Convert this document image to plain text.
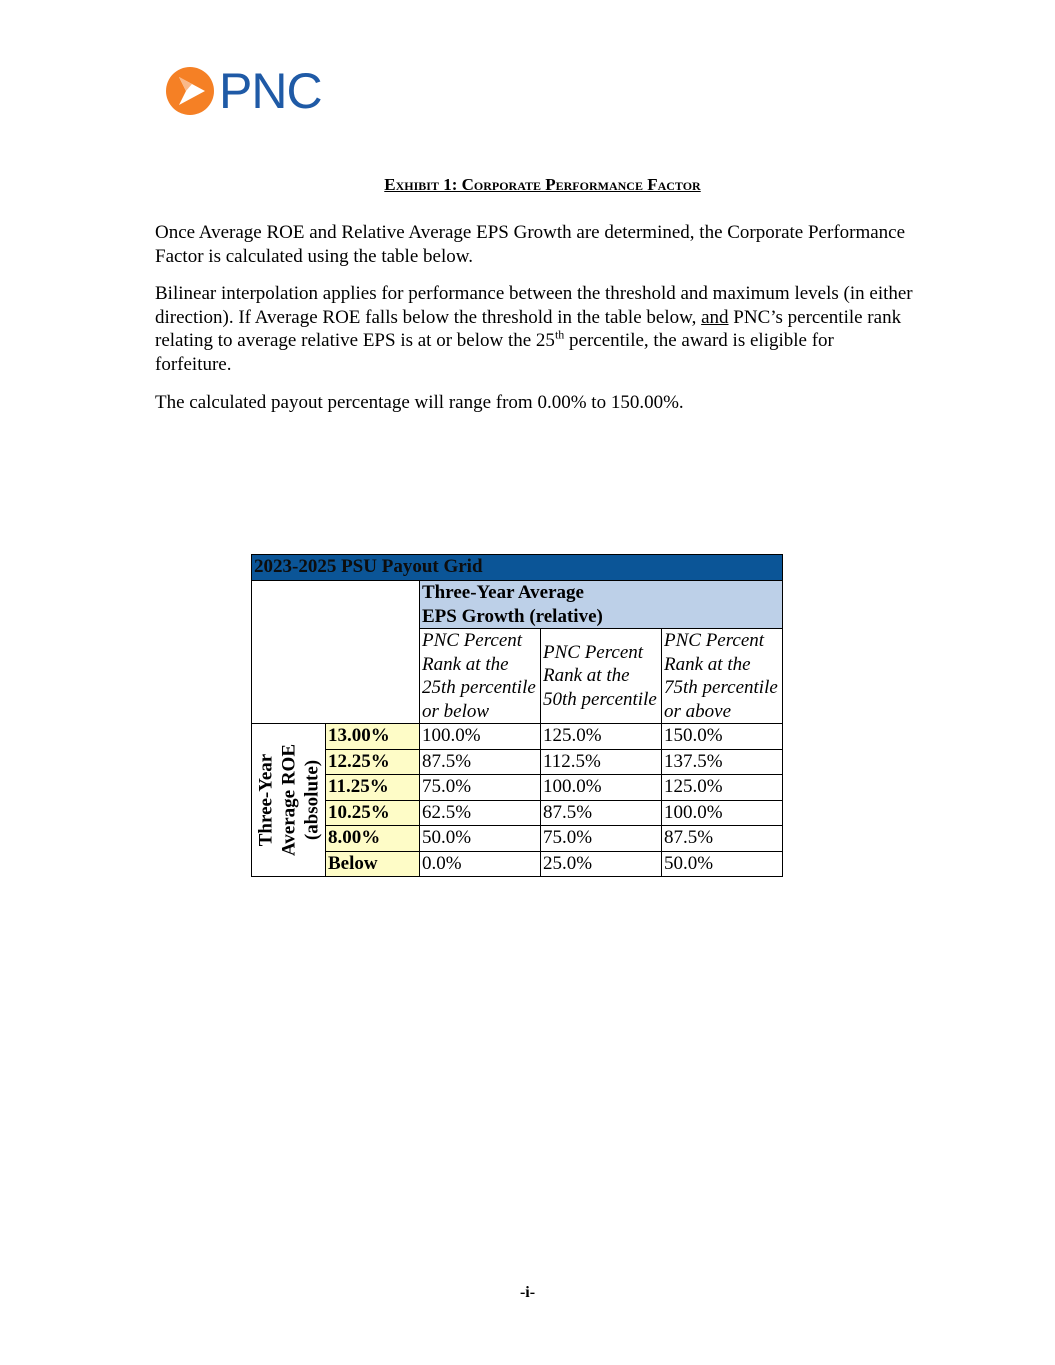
PNC
Exhibit 1: Corporate Performance Factor

Once Average ROE and Relative Average EPS Growth are determined, the Corporate Performance Factor is calculated using the table below.

Bilinear interpolation applies for performance between the threshold and maximum levels (in either direction). If Average ROE falls below the threshold in the table below, and PNC’s percentile rank relating to average relative EPS is at or below the 25th percentile, the award is eligible for forfeiture.

The calculated payout percentage will range from 0.00% to 150.00%.

2023-2025 PSU Payout Grid				

		Three-Year Average
EPS Growth (relative)		

		PNC Percent Rank at the 25th percentile or below	PNC Percent Rank at the 50th percentile	PNC Percent Rank at the 75th percentile or above

Three-Year Average ROE (absolute)	13.00%	100.0%	125.0%	150.0%
	12.25%	87.5%	112.5%	137.5%
	11.25%	75.0%	100.0%	125.0%
	10.25%	62.5%	87.5%	100.0%
	8.00%	50.0%	75.0%	87.5%
	Below	0.0%	25.0%	50.0%
-i-
